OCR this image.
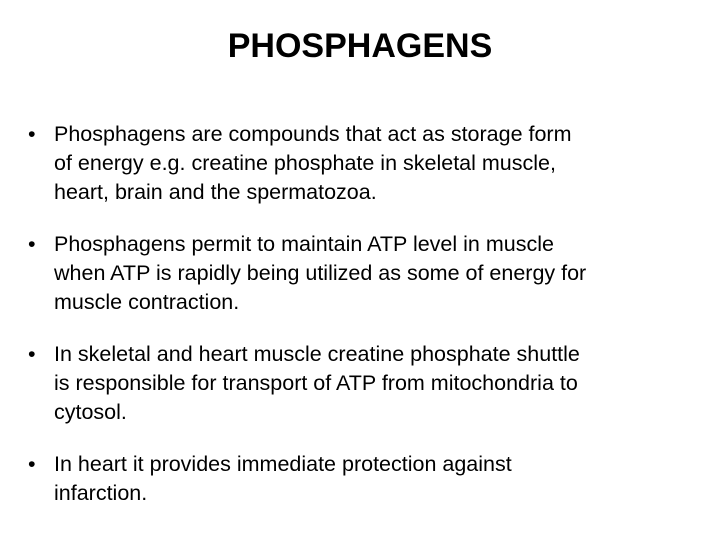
PHOSPHAGENS
• Phosphagens are compounds that act as storage form
of energy e.g. creatine phosphate in skeletal muscle,
heart, brain and the spermatozoa.
• Phosphagens permit to maintain ATP level in muscle
when ATP is rapidly being utilized as some of energy for
muscle contraction.
• In skeletal and heart muscle creatine phosphate shuttle
is responsible for transport of ATP from mitochondria to
cytosol.
• In heart it provides immediate protection against
infarction.
